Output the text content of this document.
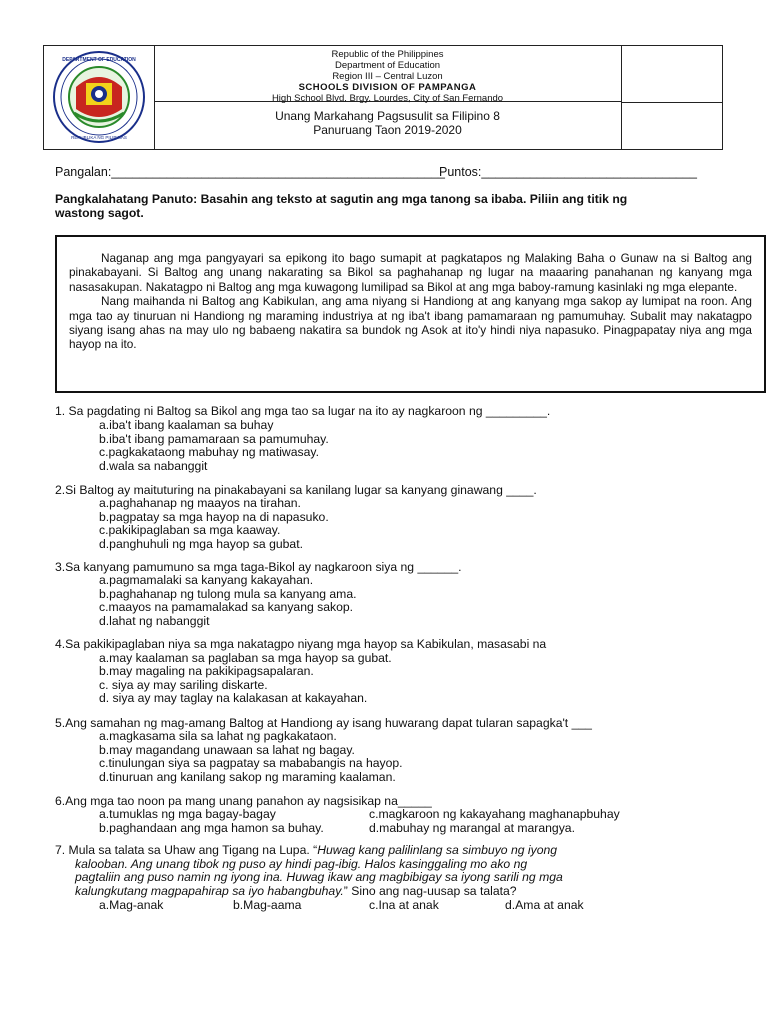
DEPARTMENT OF EDUCATION
REPUBLIKA NG PILIPINAS
Republic of the Philippines
Department of Education
Region III – Central Luzon
SCHOOLS DIVISION OF PAMPANGA
High School Blvd. Brgy. Lourdes, City of San Fernando
Unang Markahang Pagsusulit sa Filipino 8
Panuruang Taon 2019-2020
Pangalan:________________________________________________
Puntos:_______________________________
Pangkalahatang Panuto: Basahin ang teksto at sagutin ang mga tanong sa ibaba. Piliin ang titik ng
wastong sagot.

Naganap ang mga pangyayari sa epikong ito bago sumapit at pagkatapos ng Malaking Baha o Gunaw na si Baltog ang pinakabayani. Si Baltog ang unang nakarating sa Bikol sa paghahanap ng lugar na maaaring panahanan ng kanyang mga nasasakupan. Nakatagpo ni Baltog ang mga kuwagong lumilipad sa Bikol at ang mga baboy-ramung kasinlaki ng mga elepante.

Nang maihanda ni Baltog ang Kabikulan, ang ama niyang si Handiong at ang kanyang mga sakop ay lumipat na roon. Ang mga tao ay tinuruan ni Handiong ng maraming industriya at ng iba't ibang pamamaraan ng pamumuhay. Subalit may nakatagpo siyang isang ahas na may ulo ng babaeng nakatira sa bundok ng Asok at ito'y hindi niya napasuko. Pinagpapatay niya ang mga hayop na ito.

1. Sa pagdating ni Baltog sa Bikol ang mga tao sa lugar na ito ay nagkaroon ng _________.
a.iba't ibang kaalaman sa buhay
b.iba't ibang pamamaraan sa pamumuhay.
c.pagkakataong mabuhay ng matiwasay.
d.wala sa nabanggit
2.Si Baltog ay maituturing na pinakabayani sa kanilang lugar sa kanyang ginawang ____.
a.paghahanap ng maayos na tirahan.
b.pagpatay sa mga hayop na di napasuko.
c.pakikipaglaban sa mga kaaway.
d.panghuhuli ng mga hayop sa gubat.
3.Sa kanyang pamumuno sa mga taga-Bikol ay nagkaroon siya ng ______.
a.pagmamalaki sa kanyang kakayahan.
b.paghahanap ng tulong mula sa kanyang ama.
c.maayos na pamamalakad sa kanyang sakop.
d.lahat ng nabanggit
4.Sa pakikipaglaban niya sa mga nakatagpo niyang mga hayop sa Kabikulan, masasabi na
a.may kaalaman sa paglaban sa mga hayop sa gubat.
b.may magaling na pakikipagsapalaran.
c. siya ay may sariling diskarte.
d. siya ay may taglay na kalakasan at kakayahan.
5.Ang samahan ng mag-amang Baltog at Handiong ay isang huwarang dapat tularan sapagka't ___
a.magkasama sila sa lahat ng pagkakataon.
b.may magandang unawaan sa lahat ng bagay.
c.tinulungan siya sa pagpatay sa mababangis na hayop.
d.tinuruan ang kanilang sakop ng maraming kaalaman.
6.Ang mga tao noon pa mang unang panahon ay nagsisikap na_____
a.tumuklas ng mga bagay-bagay	c.magkaroon ng kakayahang maghanapbuhay
b.paghandaan ang mga hamon sa buhay.	d.mabuhay ng marangal at marangya.
7. Mula sa talata sa Uhaw ang Tigang na Lupa. “Huwag kang palilinlang sa simbuyo ng iyong
kalooban. Ang unang tibok ng puso ay hindi pag-ibig. Halos kasinggaling mo ako ng
pagtaliin ang puso namin ng iyong ina. Huwag ikaw ang magbibigay sa iyong sarili ng mga
kalungkutang magpapahirap sa iyo habangbuhay.” Sino ang nag-uusap sa talata?
a.Mag-anak	b.Mag-aama	c.Ina at anak	d.Ama at anak
